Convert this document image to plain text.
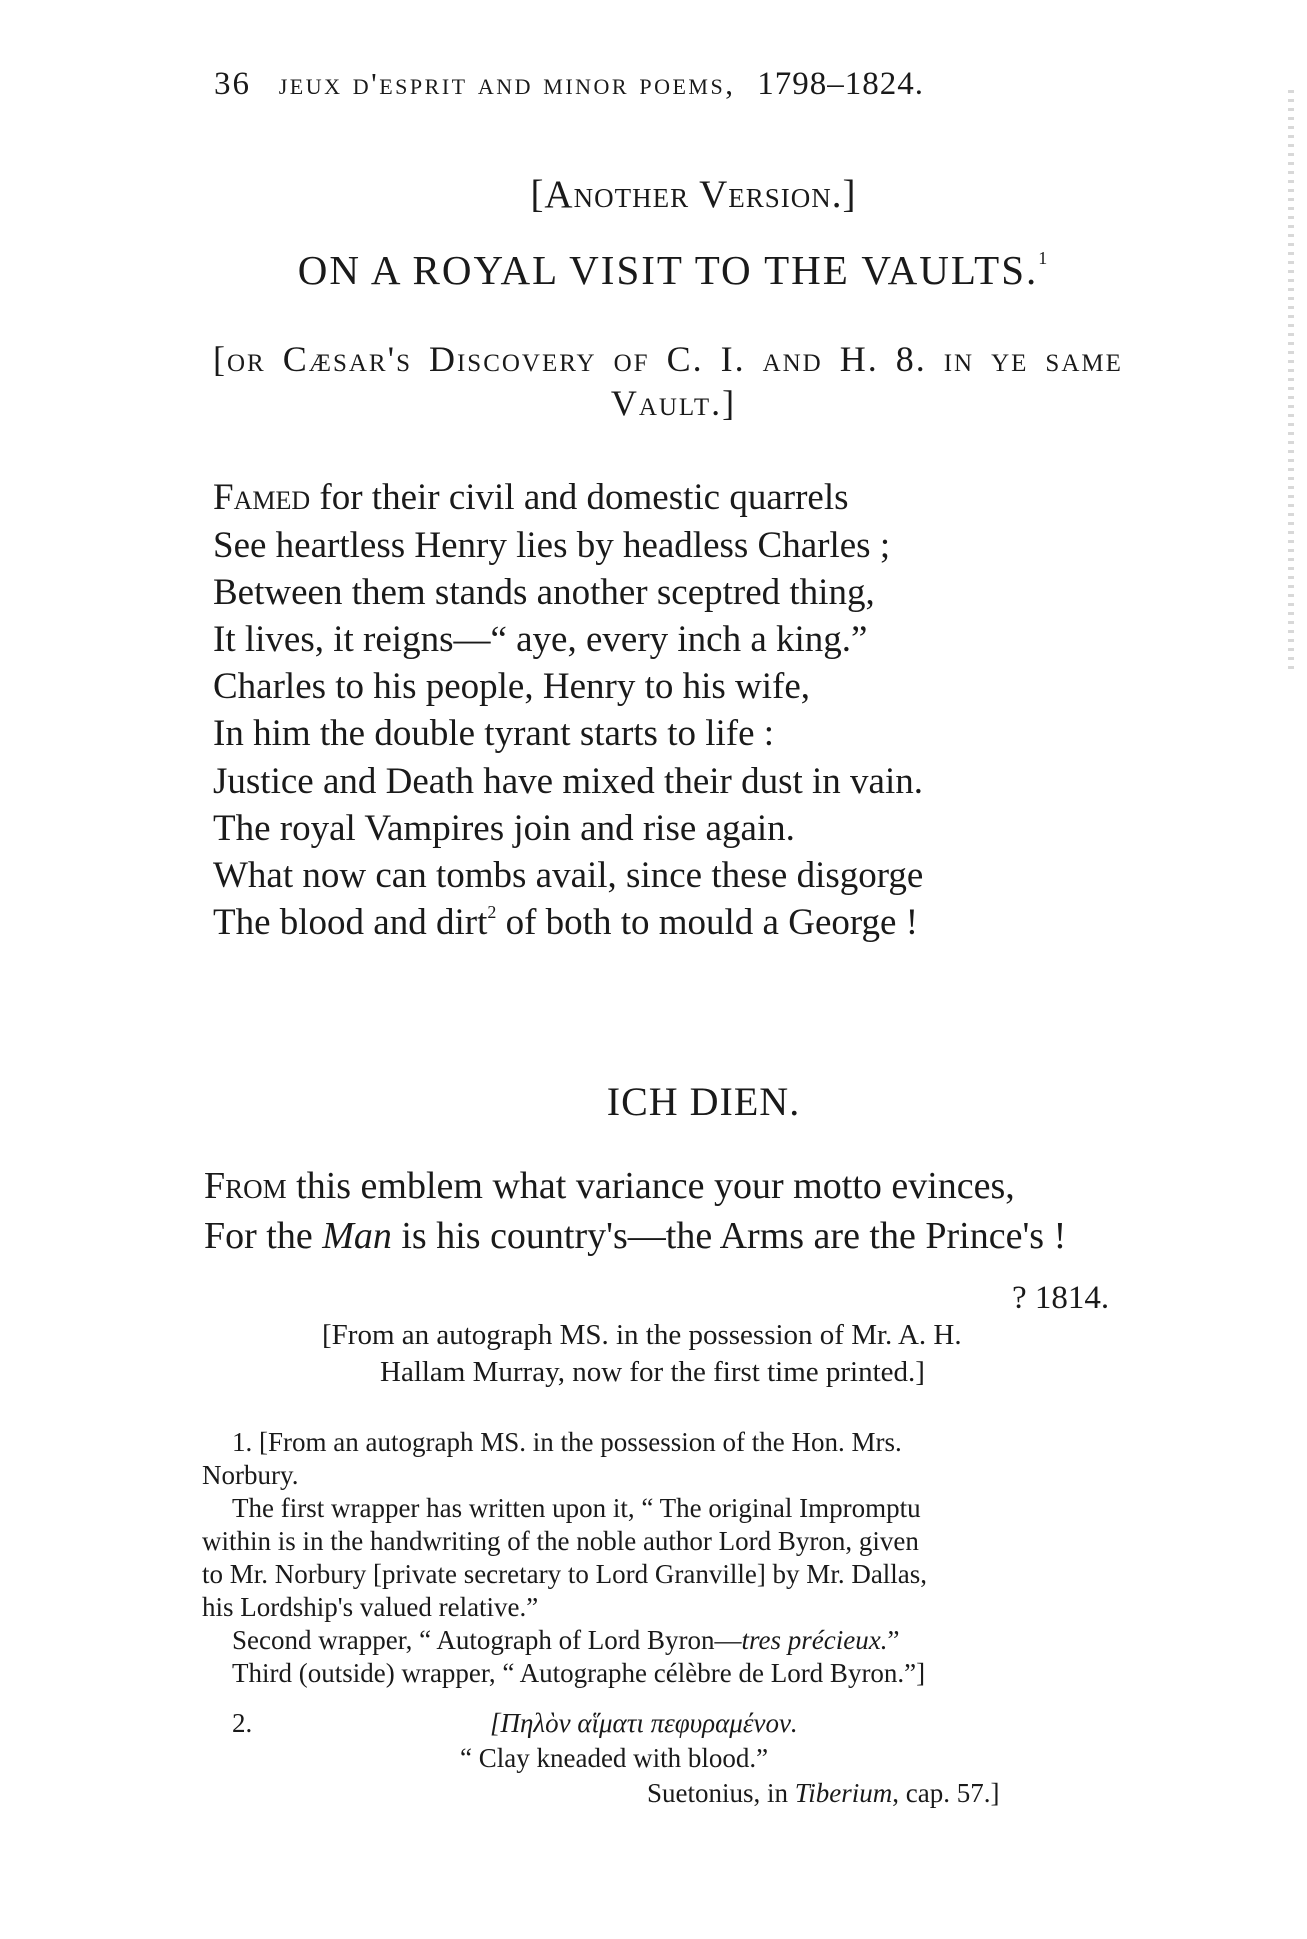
36 jeux d'esprit and minor poems, 1798–1824.
[Another Version.]
ON A ROYAL VISIT TO THE VAULTS.$^1$
[or Cæsar's Discovery of C. I. and H. 8. in ye same
Vault.]
Famed for their civil and domestic quarrels
See heartless Henry lies by headless Charles ;
Between them stands another sceptred thing,
It lives, it reigns—“ aye, every inch a king.”
Charles to his people, Henry to his wife,
In him the double tyrant starts to life :
Justice and Death have mixed their dust in vain.
The royal Vampires join and rise again.
What now can tombs avail, since these disgorge
The blood and dirt$^2$ of both to mould a George !
ICH DIEN.
From this emblem what variance your motto evinces,
For the Man is his country's—the Arms are the Prince's !
? 1814.
[From an autograph MS. in the possession of Mr. A. H.
Hallam Murray, now for the first time printed.]
1. [From an autograph MS. in the possession of the Hon. Mrs.
Norbury.
The first wrapper has written upon it, “ The original Impromptu
within is in the handwriting of the noble author Lord Byron, given
to Mr. Norbury [private secretary to Lord Granville] by Mr. Dallas,
his Lordship's valued relative.”
Second wrapper, “ Autograph of Lord Byron—tres précieux.”
Third (outside) wrapper, “ Autographe célèbre de Lord Byron.”]
2.	[Πηλὸν αἵματι πεφυραμένον.
“ Clay kneaded with blood.”
Suetonius, in Tiberium, cap. 57.]
